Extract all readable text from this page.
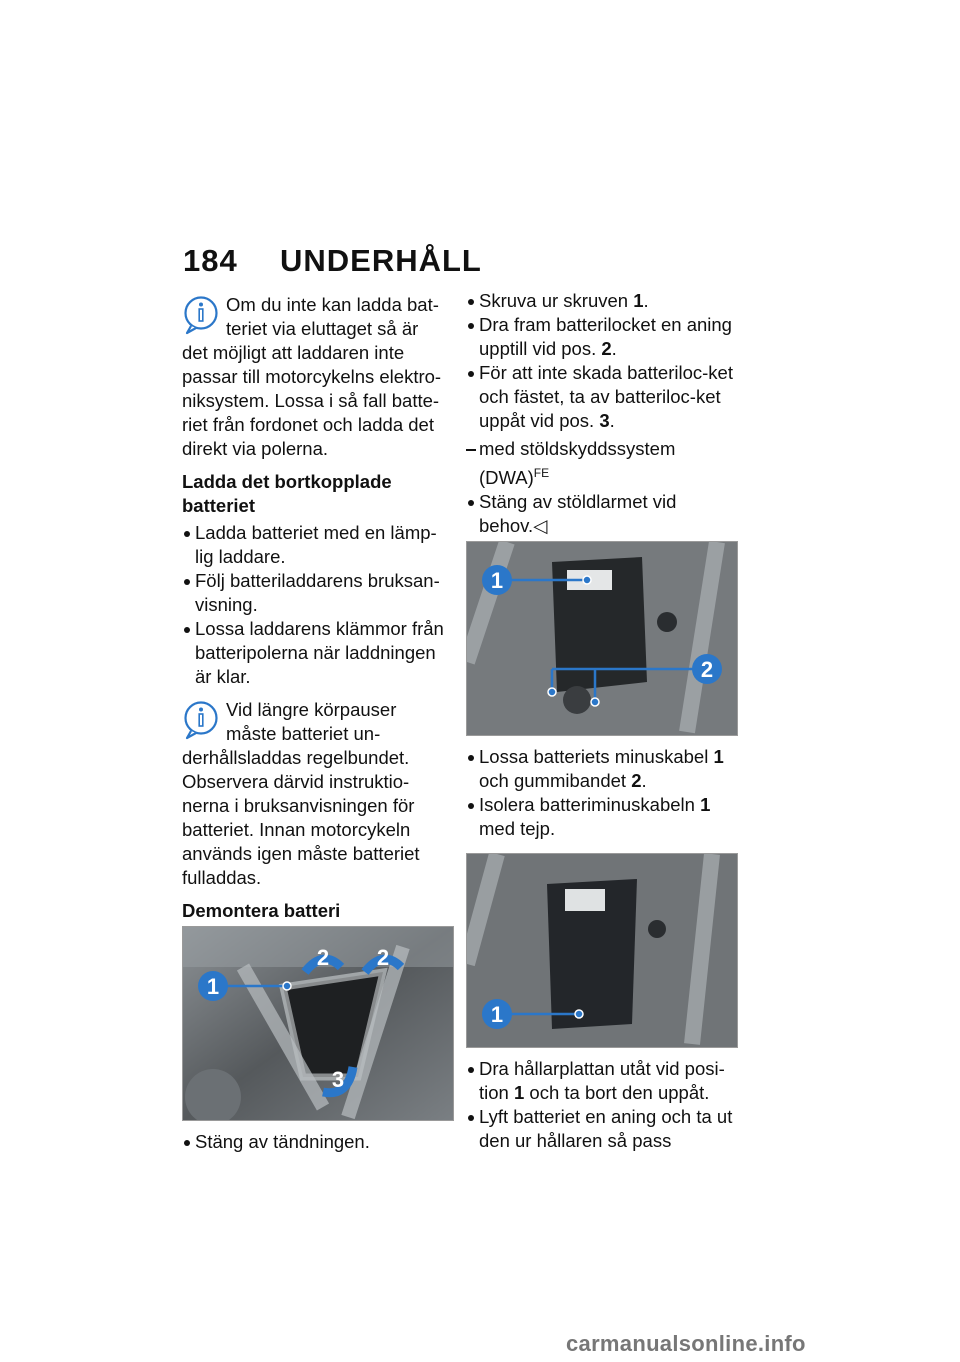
184 UNDERHÅLL

Om du inte kan ladda bat-
teriet via eluttaget så är
det möjligt att laddaren inte passar till motorcykelns elektro-niksystem. Lossa i så fall batte-riet från fordonet och ladda det direkt via polerna.

Ladda det bortkopplade batteriet

Ladda batteriet med en lämp-lig laddare.

Följ batteriladdarens bruksan-visning.

Lossa laddarens klämmor från batteripolerna när laddningen är klar.

Vid längre körpauser
måste batteriet un-
derhållsladdas regelbundet. Observera därvid instruktio-nerna i bruksanvisningen för batteriet. Innan motorcykeln används igen måste batteriet fulladdas.

Demontera batteri

1
2 2
3

Stäng av tändningen.

Skruva ur skruven 1.

Dra fram batterilocket en aning upptill vid pos. 2.

För att inte skada batteriloc-ket och fästet, ta av batteriloc-ket uppåt vid pos. 3.

med stöldskyddssystem (DWA)$^{FE}$

Stäng av stöldlarmet vid behov.◁

1
2

Lossa batteriets minuskabel 1 och gummibandet 2.

Isolera batteriminuskabeln 1 med tejp.

1

Dra hållarplattan utåt vid posi-tion 1 och ta bort den uppåt.

Lyft batteriet en aning och ta ut den ur hållaren så pass

carmanualsonline.info
